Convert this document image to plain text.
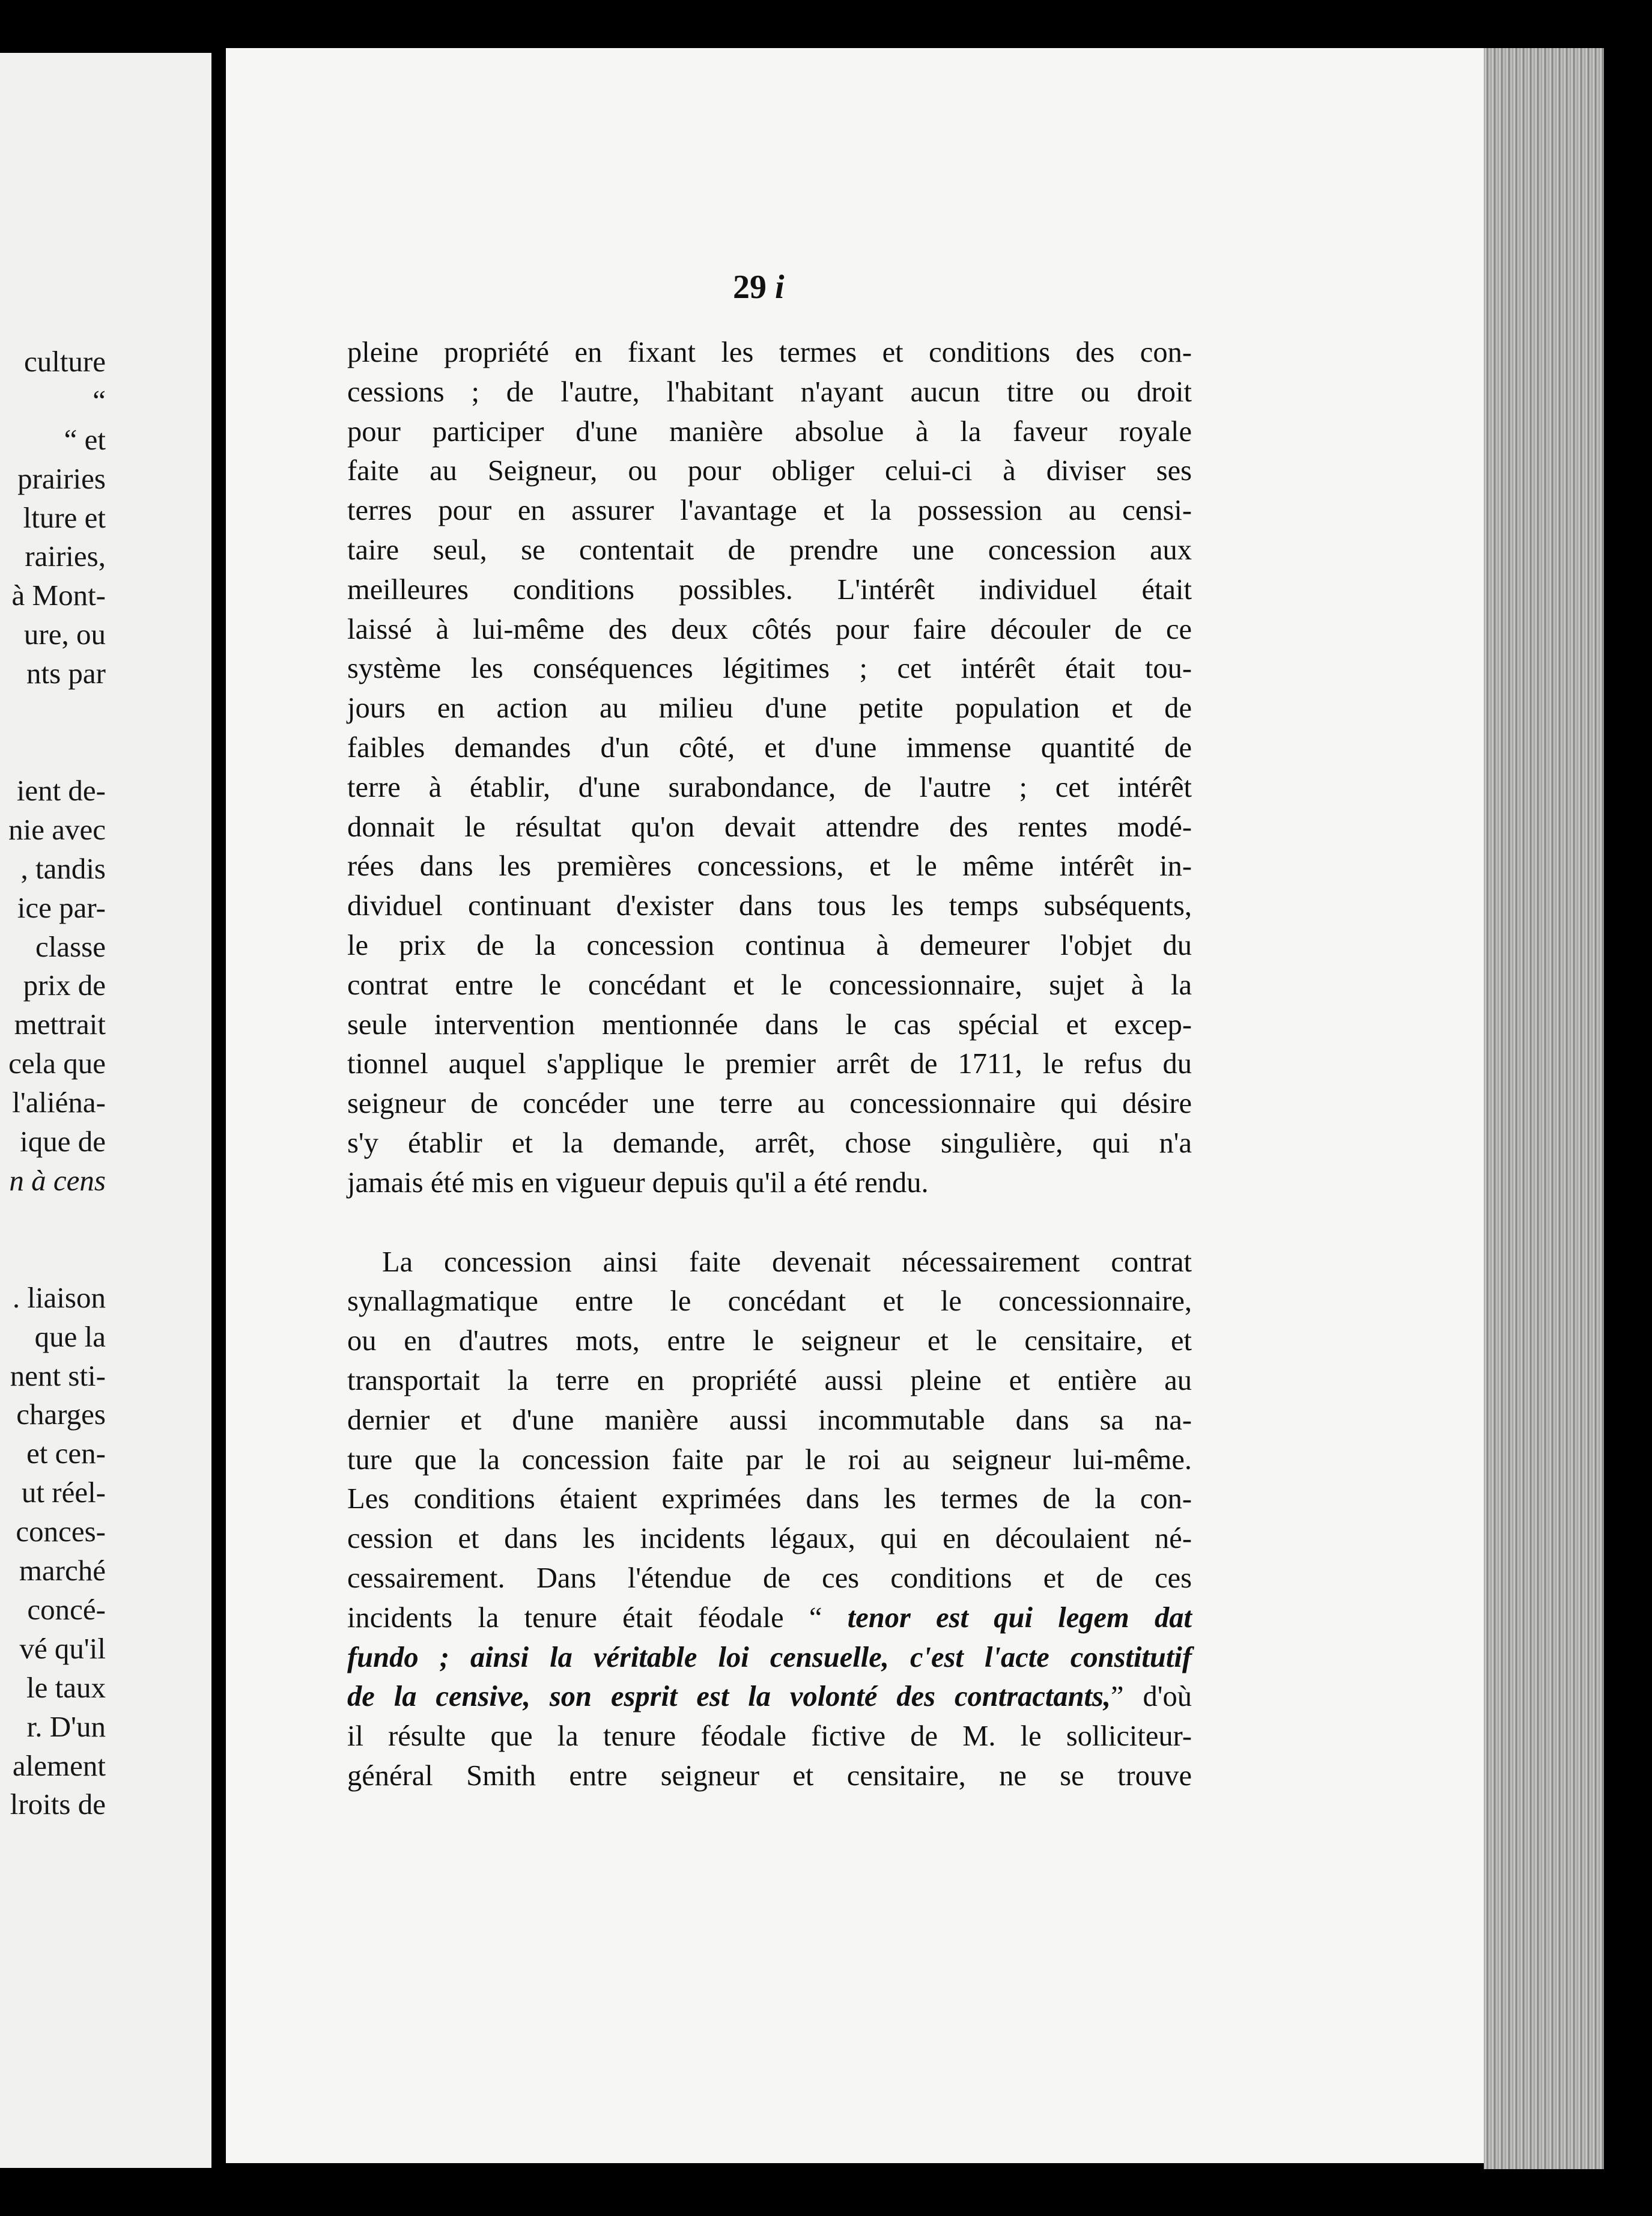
culture
“
“ et
prairies
lture et
rairies,
à Mont-
ure, ou
nts par
ient de-
nie avec
, tandis
ice par-
classe
prix de
mettrait
cela que
l'aliéna-
ique de
n à cens
. liaison
que la
nent sti-
charges
et cen-
ut réel-
conces-
marché
concé-
vé qu'il
le taux
r. D'un
alement
lroits de
29 i
pleine propriété en fixant les termes et conditions des con-
cessions ; de l'autre, l'habitant n'ayant aucun titre ou droit
pour participer d'une manière absolue à la faveur royale
faite au Seigneur, ou pour obliger celui-ci à diviser ses
terres pour en assurer l'avantage et la possession au censi-
taire seul, se contentait de prendre une concession aux
meilleures conditions possibles. L'intérêt individuel était
laissé à lui-même des deux côtés pour faire découler de ce
système les conséquences légitimes ; cet intérêt était tou-
jours en action au milieu d'une petite population et de
faibles demandes d'un côté, et d'une immense quantité de
terre à établir, d'une surabondance, de l'autre ; cet intérêt
donnait le résultat qu'on devait attendre des rentes modé-
rées dans les premières concessions, et le même intérêt in-
dividuel continuant d'exister dans tous les temps subséquents,
le prix de la concession continua à demeurer l'objet du
contrat entre le concédant et le concessionnaire, sujet à la
seule intervention mentionnée dans le cas spécial et excep-
tionnel auquel s'applique le premier arrêt de 1711, le refus du
seigneur de concéder une terre au concessionnaire qui désire
s'y établir et la demande, arrêt, chose singulière, qui n'a
jamais été mis en vigueur depuis qu'il a été rendu.
La concession ainsi faite devenait nécessairement contrat
synallagmatique entre le concédant et le concessionnaire,
ou en d'autres mots, entre le seigneur et le censitaire, et
transportait la terre en propriété aussi pleine et entière au
dernier et d'une manière aussi incommutable dans sa na-
ture que la concession faite par le roi au seigneur lui-même.
Les conditions étaient exprimées dans les termes de la con-
cession et dans les incidents légaux, qui en découlaient né-
cessairement. Dans l'étendue de ces conditions et de ces
incidents la tenure était féodale “ tenor est qui legem dat
fundo ; ainsi la véritable loi censuelle, c'est l'acte constitutif
de la censive, son esprit est la volonté des contractants,” d'où
il résulte que la tenure féodale fictive de M. le solliciteur-
général Smith entre seigneur et censitaire, ne se trouve
